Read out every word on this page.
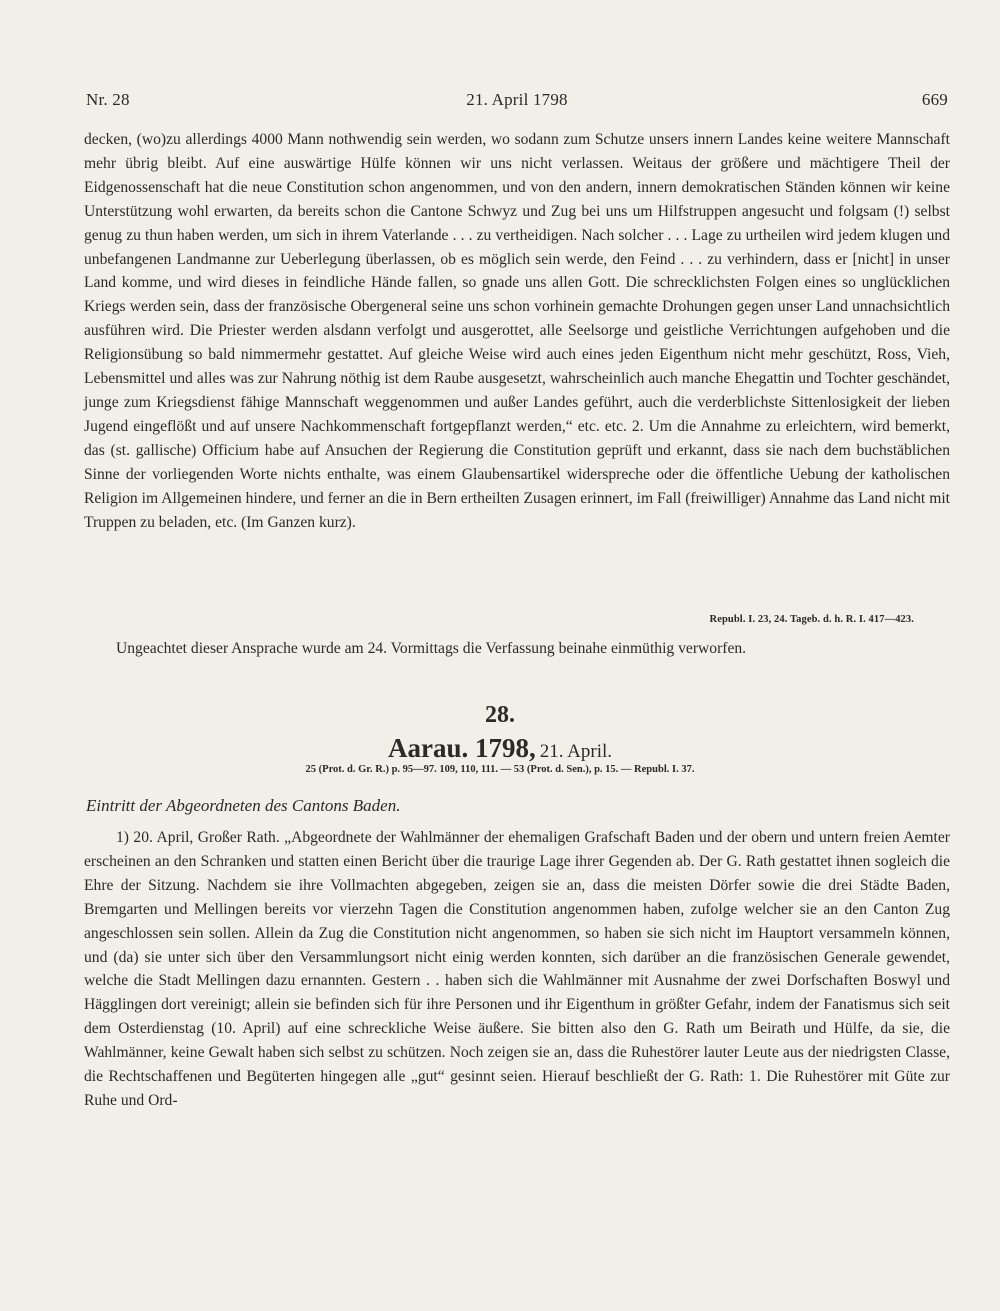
Nr. 28	21. April 1798	669

decken, (wo)zu allerdings 4000 Mann nothwendig sein werden, wo sodann zum Schutze unsers innern Landes keine weitere Mannschaft mehr übrig bleibt. Auf eine auswärtige Hülfe können wir uns nicht verlassen. Weitaus der größere und mächtigere Theil der Eidgenossenschaft hat die neue Constitution schon angenommen, und von den andern, innern demokratischen Ständen können wir keine Unterstützung wohl erwarten, da bereits schon die Cantone Schwyz und Zug bei uns um Hilfstruppen angesucht und folgsam (!) selbst genug zu thun haben werden, um sich in ihrem Vaterlande . . . zu vertheidigen. Nach solcher . . . Lage zu urtheilen wird jedem klugen und unbefangenen Landmanne zur Ueberlegung überlassen, ob es möglich sein werde, den Feind . . . zu verhindern, dass er [nicht] in unser Land komme, und wird dieses in feindliche Hände fallen, so gnade uns allen Gott. Die schrecklichsten Folgen eines so unglücklichen Kriegs werden sein, dass der französische Obergeneral seine uns schon vorhinein gemachte Drohungen gegen unser Land unnachsichtlich ausführen wird. Die Priester werden alsdann verfolgt und ausgerottet, alle Seelsorge und geistliche Verrichtungen aufgehoben und die Religionsübung so bald nimmermehr gestattet. Auf gleiche Weise wird auch eines jeden Eigenthum nicht mehr geschützt, Ross, Vieh, Lebensmittel und alles was zur Nahrung nöthig ist dem Raube ausgesetzt, wahrscheinlich auch manche Ehegattin und Tochter geschändet, junge zum Kriegsdienst fähige Mannschaft weggenommen und außer Landes geführt, auch die verderblichste Sittenlosigkeit der lieben Jugend eingeflößt und auf unsere Nachkommenschaft fortgepflanzt werden,“ etc. etc. 2. Um die Annahme zu erleichtern, wird bemerkt, das (st. gallische) Officium habe auf Ansuchen der Regierung die Constitution geprüft und erkannt, dass sie nach dem buchstäblichen Sinne der vorliegenden Worte nichts enthalte, was einem Glaubensartikel widerspreche oder die öffentliche Uebung der katholischen Religion im Allgemeinen hindere, und ferner an die in Bern ertheilten Zusagen erinnert, im Fall (freiwilliger) Annahme das Land nicht mit Truppen zu beladen, etc. (Im Ganzen kurz).

Republ. I. 23, 24. Tageb. d. h. R. I. 417—423.

Ungeachtet dieser Ansprache wurde am 24. Vormittags die Verfassung beinahe einmüthig verworfen.

28.
Aarau. 1798, 21. April.
25 (Prot. d. Gr. R.) p. 95—97. 109, 110, 111. — 53 (Prot. d. Sen.), p. 15. — Republ. I. 37.
Eintritt der Abgeordneten des Cantons Baden.

1) 20. April, Großer Rath. „Abgeordnete der Wahlmänner der ehemaligen Grafschaft Baden und der obern und untern freien Aemter erscheinen an den Schranken und statten einen Bericht über die traurige Lage ihrer Gegenden ab. Der G. Rath gestattet ihnen sogleich die Ehre der Sitzung. Nachdem sie ihre Vollmachten abgegeben, zeigen sie an, dass die meisten Dörfer sowie die drei Städte Baden, Bremgarten und Mellingen bereits vor vierzehn Tagen die Constitution angenommen haben, zufolge welcher sie an den Canton Zug angeschlossen sein sollen. Allein da Zug die Constitution nicht angenommen, so haben sie sich nicht im Hauptort versammeln können, und (da) sie unter sich über den Versammlungsort nicht einig werden konnten, sich darüber an die französischen Generale gewendet, welche die Stadt Mellingen dazu ernannten. Gestern . . haben sich die Wahlmänner mit Ausnahme der zwei Dorfschaften Boswyl und Hägglingen dort vereinigt; allein sie befinden sich für ihre Personen und ihr Eigenthum in größter Gefahr, indem der Fanatismus sich seit dem Osterdienstag (10. April) auf eine schreckliche Weise äußere. Sie bitten also den G. Rath um Beirath und Hülfe, da sie, die Wahlmänner, keine Gewalt haben sich selbst zu schützen. Noch zeigen sie an, dass die Ruhestörer lauter Leute aus der niedrigsten Classe, die Rechtschaffenen und Begüterten hingegen alle „gut“ gesinnt seien. Hierauf beschließt der G. Rath: 1. Die Ruhestörer mit Güte zur Ruhe und Ord-
